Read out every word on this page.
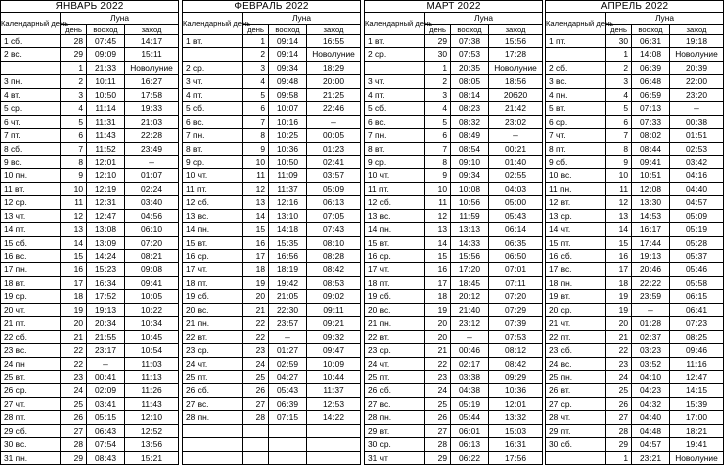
ЯНВАРЬ 2022			
Календарный день	Луна		
	день	восход	заход
1 сб.	28	07:45	14:17
2 вс.	29	09:09	15:11
	1	21:33	Новолуние
3 пн.	2	10:11	16:27
4 вт.	3	10:50	17:58
5 ср.	4	11:14	19:33
6 чт.	5	11:31	21:03
7 пт.	6	11:43	22:28
8 сб.	7	11:52	23:49
9 вс.	8	12:01	–
10 пн.	9	12:10	01:07
11 вт.	10	12:19	02:24
12 ср.	11	12:31	03:40
13 чт.	12	12:47	04:56
14 пт.	13	13:08	06:10
15 сб.	14	13:09	07:20
16 вс.	15	14:24	08:21
17 пн.	16	15:23	09:08
18 вт.	17	16:34	09:41
19 ср.	18	17:52	10:05
20 чт.	19	19:13	10:22
21 пт.	20	20:34	10:34
22 сб.	21	21:55	10:45
23 вс.	22	23:17	10:54
24 пн	22	–	11:03
25 вт.	23	00:41	11:13
26 ср.	24	02:09	11:26
27 чт.	25	03:41	11:43
28 пт.	26	05:15	12:10
29 сб.	27	06:43	12:52
30 вс.	28	07:54	13:56
31 пн.	29	08:43	15:21
ФЕВРАЛЬ 2022			
Календарный день	Луна		
	день	восход	заход
1 вт.	1	09:14	16:55
	2	09:14	Новолуние
2 ср.	3	09:34	18:29
3 чт.	4	09:48	20:00
4 пт.	5	09:58	21:25
5 сб.	6	10:07	22:46
6 вс.	7	10:16	–
7 пн.	8	10:25	00:05
8 вт.	9	10:36	01:23
9 ср.	10	10:50	02:41
10 чт.	11	11:09	03:57
11 пт.	12	11:37	05:09
12 сб.	13	12:16	06:13
13 вс.	14	13:10	07:05
14 пн.	15	14:18	07:43
15 вт.	16	15:35	08:10
16 ср.	17	16:56	08:28
17 чт.	18	18:19	08:42
18 пт.	19	19:42	08:53
19 сб.	20	21:05	09:02
20 вс.	21	22:30	09:11
21 пн.	22	23:57	09:21
22 вт.	22	–	09:32
23 ср.	23	01:27	09:47
24 чт.	24	02:59	10:09
25 пт.	25	04:27	10:44
26 сб.	26	05:43	11:37
27 вс.	27	06:39	12:53
28 пн.	28	07:15	14:22

МАРТ 2022			
Календарный день	Луна		
	день	восход	заход
1 вт.	29	07:38	15:56
2 ср.	30	07:53	17:28
	1	20:35	Новолуние
3 чт.	2	08:05	18:56
4 пт.	3	08:14	20620
5 сб.	4	08:23	21:42
6 вс.	5	08:32	23:02
7 пн.	6	08:49	–
8 вт.	7	08:54	00:21
9 ср.	8	09:10	01:40
10 чт.	9	09:34	02:55
11 пт.	10	10:08	04:03
12 сб.	11	10:56	05:00
13 вс.	12	11:59	05:43
14 пн.	13	13:13	06:14
15 вт.	14	14:33	06:35
16 ср.	15	15:56	06:50
17 чт.	16	17:20	07:01
18 пт.	17	18:45	07:11
19 сб.	18	20:12	07:20
20 вс.	19	21:40	07:29
21 пн.	20	23:12	07:39
22 вт.	20	–	07:53
23 ср.	21	00:46	08:12
24 чт.	22	02:17	08:42
25 пт.	23	03:38	09:29
26 сб.	24	04:38	10:36
27 вс.	25	05:19	12:01
28 пн.	26	05:44	13:32
29 вт.	27	06:01	15:03
30 ср.	28	06:13	16:31
31 чт	29	06:22	17:56
АПРЕЛЬ 2022			
Календарный день	Луна		
	день	восход	заход
1 пт.	30	06:31	19:18
	1	14:08	Новолуние
2 сб.	2	06:39	20:39
3 вс.	3	06:48	22:00
4 пн.	4	06:59	23:20
5 вт.	5	07:13	–
6 ср.	6	07:33	00:38
7 чт.	7	08:02	01:51
8 пт.	8	08:44	02:53
9 сб.	9	09:41	03:42
10 вс.	10	10:51	04:16
11 пн.	11	12:08	04:40
12 вт.	12	13:30	04:57
13 ср.	13	14:53	05:09
14 чт.	14	16:17	05:19
15 пт.	15	17:44	05:28
16 сб.	16	19:13	05:37
17 вс.	17	20:46	05:46
18 пн.	18	22:22	05:58
19 вт.	19	23:59	06:15
20 ср.	19	–	06:41
21 чт.	20	01:28	07:23
22 пт.	21	02:37	08:25
23 сб.	22	03:23	09:46
24 вс.	23	03:52	11:16
25 пн.	24	04:10	12:47
26 вт.	25	04:23	14:15
27 ср.	26	04:32	15:39
28 чт.	27	04:40	17:00
29 пт.	28	04:48	18:21
30 сб.	29	04:57	19:41
	1	23:21	Новолуние
